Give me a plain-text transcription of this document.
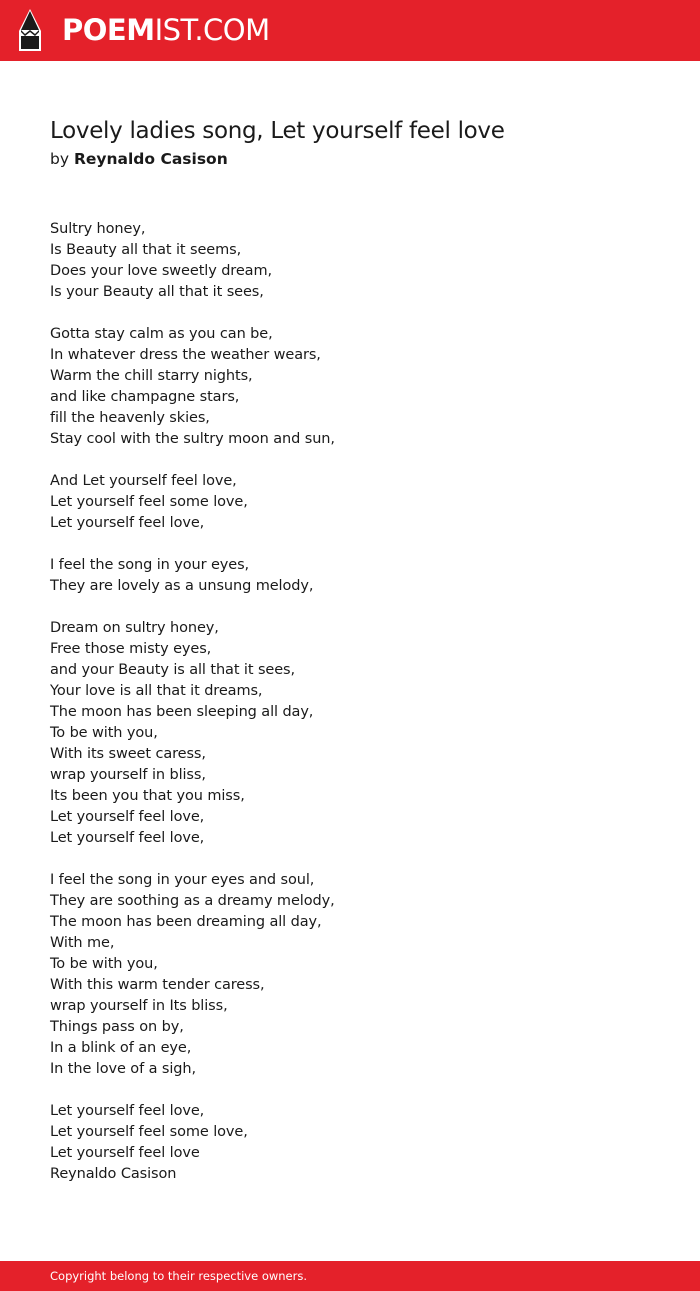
POEMIST.COM
Lovely ladies song, Let yourself feel love
by Reynaldo Casison
Sultry honey,
Is Beauty all that it seems,
Does your love sweetly dream,
Is your Beauty all that it sees,
Gotta stay calm as you can be,
In whatever dress the weather wears,
Warm the chill starry nights,
and like champagne stars,
fill the heavenly skies,
Stay cool with the sultry moon and sun,
And Let yourself feel love,
Let yourself feel some love,
Let yourself feel love,
I feel the song in your eyes,
They are lovely as a unsung melody,
Dream on sultry honey,
Free those misty eyes,
and your Beauty is all that it sees,
Your love is all that it dreams,
The moon has been sleeping all day,
To be with you,
With its sweet caress,
wrap yourself in bliss,
Its been you that you miss,
Let yourself feel love,
Let yourself feel love,
I feel the song in your eyes and soul,
They are soothing as a dreamy melody,
The moon has been dreaming all day,
With me,
To be with you,
With this warm tender caress,
wrap yourself in Its bliss,
Things pass on by,
In a blink of an eye,
In the love of a sigh,
Let yourself feel love,
Let yourself feel some love,
Let yourself feel love
Reynaldo Casison
Copyright belong to their respective owners.
